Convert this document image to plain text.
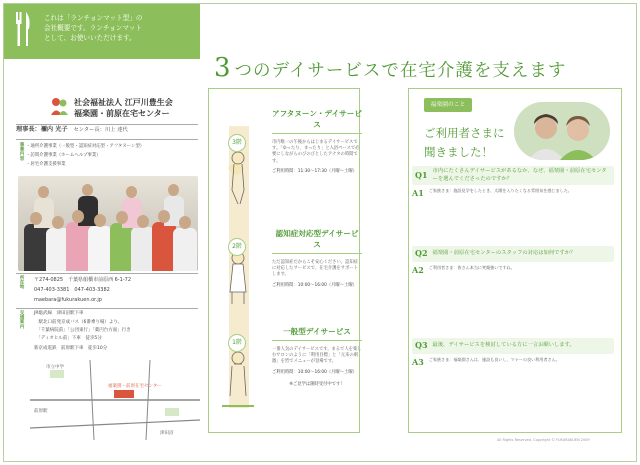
これは「ランチョンマット型」の
会社概要です。ランチョンマット
として、お使いいただけます。
3 つのデイサービスで在宅介護を支えます
社会福祉法人 江戸川豊生会
福楽園・前原在宅センター
理事長：禰内 光子 センター長：川上 達代
事業内容 ・通所介護事業（一般型・認知症対応型・アフタヌーン型）
・訪問介護事業（ホームヘルプ事業）
・居宅介護支援事業
所在地 〒274-0825　千葉県船橋市前原西 6-1-72
047-403-3381　047-403-3382
maebara@fukurakuen.or.jp
交通案内 JR総武線　津田沼駅下車
　駅北口前発京成バス（6番乗り場）より、
　「千葉病院前」「公団東行」「薬円台方面」行き
　「ディオヒル前」下車　徒歩5分
新京成電鉄　前原駅下車　徒歩10分
市立中学
前原駅
福楽園・前原在宅センター
津田沼
3階
2階
1階
アフタヌーン・デイサービス
市内唯一の午後からはじまるデイサービスです。「ゆったり、まったり」と入浴ペースで必要にしながらのびのびとしたアナタの時間です。
ご利用時間：11:30～17:30（月曜～土曜）
認知症対応型デイサービス
ただ認知症だからこそ安心ください。認知症に対応したサービスで、在宅介護をサポートします。
ご利用時間：10:00～16:00（月曜～土曜）
一般型デイサービス
一番人気のデイサービスです。まるで人を楽しむサロンのように「利用目標」と「元来の刺激」を皆でメニューが登場です。
ご利用時間：10:00～16:00（月曜～土曜）
※ご見学は随時受付中です！
福楽園のこと
ご利用者さまに
聞きました！
Q1 市内にたくさんデイサービスがあるなか、なぜ、福楽園・前原在宅センターを選んでくださったのですか？
A1 ご家族さま：施設見学をしたとき、太陽を入りたくなる雰囲気を感じました。
Q2 福楽園・前原在宅センターのスタッフの対応は如何ですか？
A2 ご利用者さま：皆さん本当に笑顔強いですね。
Q3 最後、デイサービスを検討している方に一言お願いします。
A3 ご家族さま：福楽園さんは、施設も良いし、マナーの良い利用者さん。
All Rights Reserved. Copyright © FUKURAKUEN 2009
